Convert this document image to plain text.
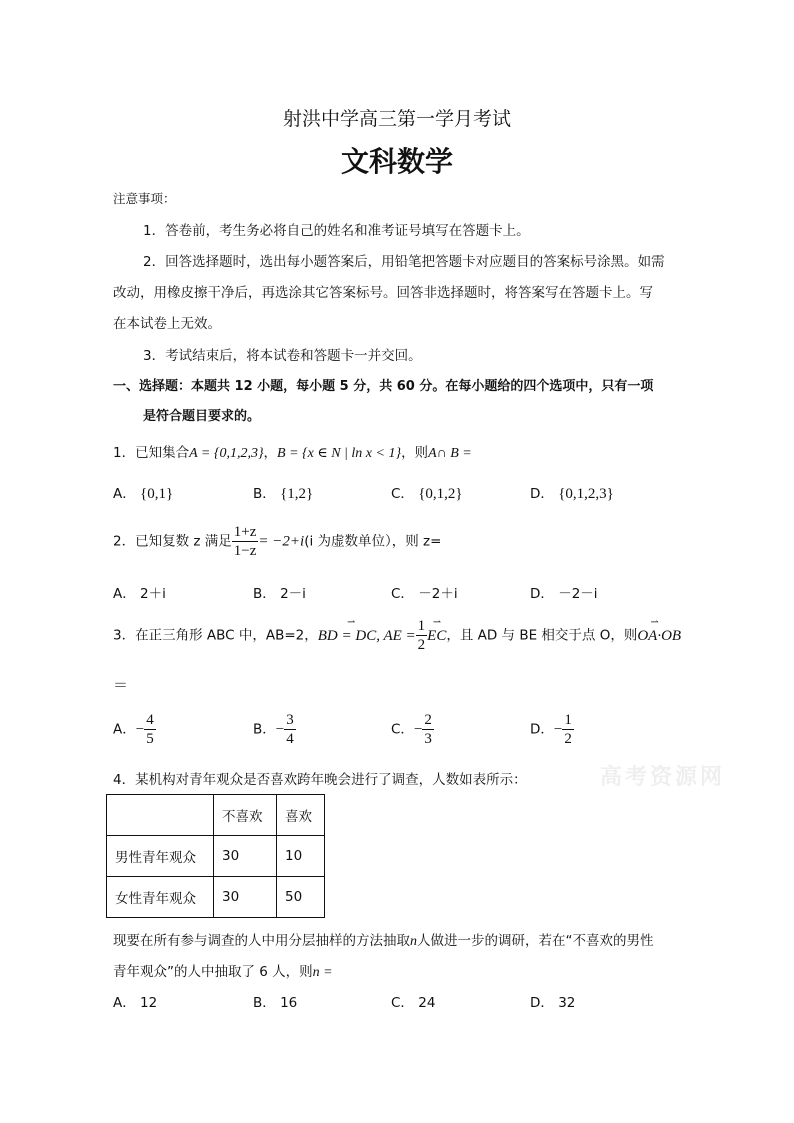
射洪中学高三第一学月考试
文科数学
注意事项：
1．答卷前，考生务必将自己的姓名和准考证号填写在答题卡上。
2．回答选择题时，选出每小题答案后，用铅笔把答题卡对应题目的答案标号涂黑。如需
改动，用橡皮擦干净后，再选涂其它答案标号。回答非选择题时，将答案写在答题卡上。写
在本试卷上无效。
3．考试结束后，将本试卷和答题卡一并交回。
一、选择题：本题共 12 小题，每小题 5 分，共 60 分。在每小题给的四个选项中，只有一项
是符合题目要求的。
1．已知集合A = {0,1,2,3}，B = {x ∈ N | ln x < 1}，则A∩ B =
A． {0,1}	B． {1,2}	C． {0,1,2}	D． {0,1,2,3}
2．已知复数 z 满足 $\frac{1+z}{1-z} = -2+i(i$ 为虚数单位），则 z=
A． 2＋i	B． 2－i	C． －2＋i	D． －2－i
3．在正三角形 ABC 中，AB=2，⇀ BD = DC, AE = $\frac{1}{2}$ ⇀ EC，且 AD 与 BE 相交于点 O，则⇀ OA·OB
＝
A．− $\frac{4}{5}$	B．− $\frac{3}{4}$	C．− $\frac{2}{3}$	D．− $\frac{1}{2}$
4．某机构对青年观众是否喜欢跨年晚会进行了调查，人数如表所示：	高考资源网
	不喜欢	喜欢
男性青年观众	30	10
女性青年观众	30	50
现要在所有参与调查的人中用分层抽样的方法抽取n人做进一步的调研，若在“不喜欢的男性
青年观众”的人中抽取了 6 人，则n =
A． 12	B． 16	C． 24	D． 32
